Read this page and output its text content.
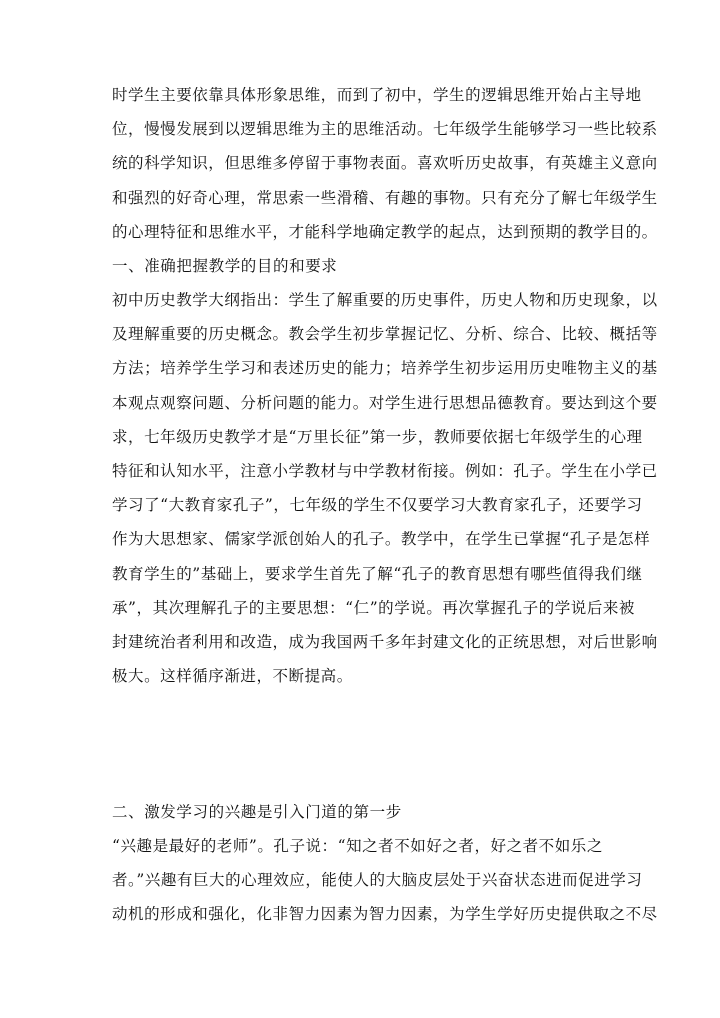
时学生主要依靠具体形象思维，而到了初中，学生的逻辑思维开始占主导地
位，慢慢发展到以逻辑思维为主的思维活动。七年级学生能够学习一些比较系
统的科学知识，但思维多停留于事物表面。喜欢听历史故事，有英雄主义意向
和强烈的好奇心理，常思索一些滑稽、有趣的事物。只有充分了解七年级学生
的心理特征和思维水平，才能科学地确定教学的起点，达到预期的教学目的。
一、准确把握教学的目的和要求
初中历史教学大纲指出：学生了解重要的历史事件，历史人物和历史现象，以
及理解重要的历史概念。教会学生初步掌握记忆、分析、综合、比较、概括等
方法；培养学生学习和表述历史的能力；培养学生初步运用历史唯物主义的基
本观点观察问题、分析问题的能力。对学生进行思想品德教育。要达到这个要
求，七年级历史教学才是“万里长征”第一步，教师要依据七年级学生的心理
特征和认知水平，注意小学教材与中学教材衔接。例如：孔子。学生在小学已
学习了“大教育家孔子”，七年级的学生不仅要学习大教育家孔子，还要学习
作为大思想家、儒家学派创始人的孔子。教学中，在学生已掌握“孔子是怎样
教育学生的”基础上，要求学生首先了解“孔子的教育思想有哪些值得我们继
承”，其次理解孔子的主要思想：“仁”的学说。再次掌握孔子的学说后来被
封建统治者利用和改造，成为我国两千多年封建文化的正统思想，对后世影响
极大。这样循序渐进，不断提高。
二、激发学习的兴趣是引入门道的第一步
“兴趣是最好的老师”。孔子说：“知之者不如好之者，好之者不如乐之
者。”兴趣有巨大的心理效应，能使人的大脑皮层处于兴奋状态进而促进学习
动机的形成和强化，化非智力因素为智力因素，为学生学好历史提供取之不尽
